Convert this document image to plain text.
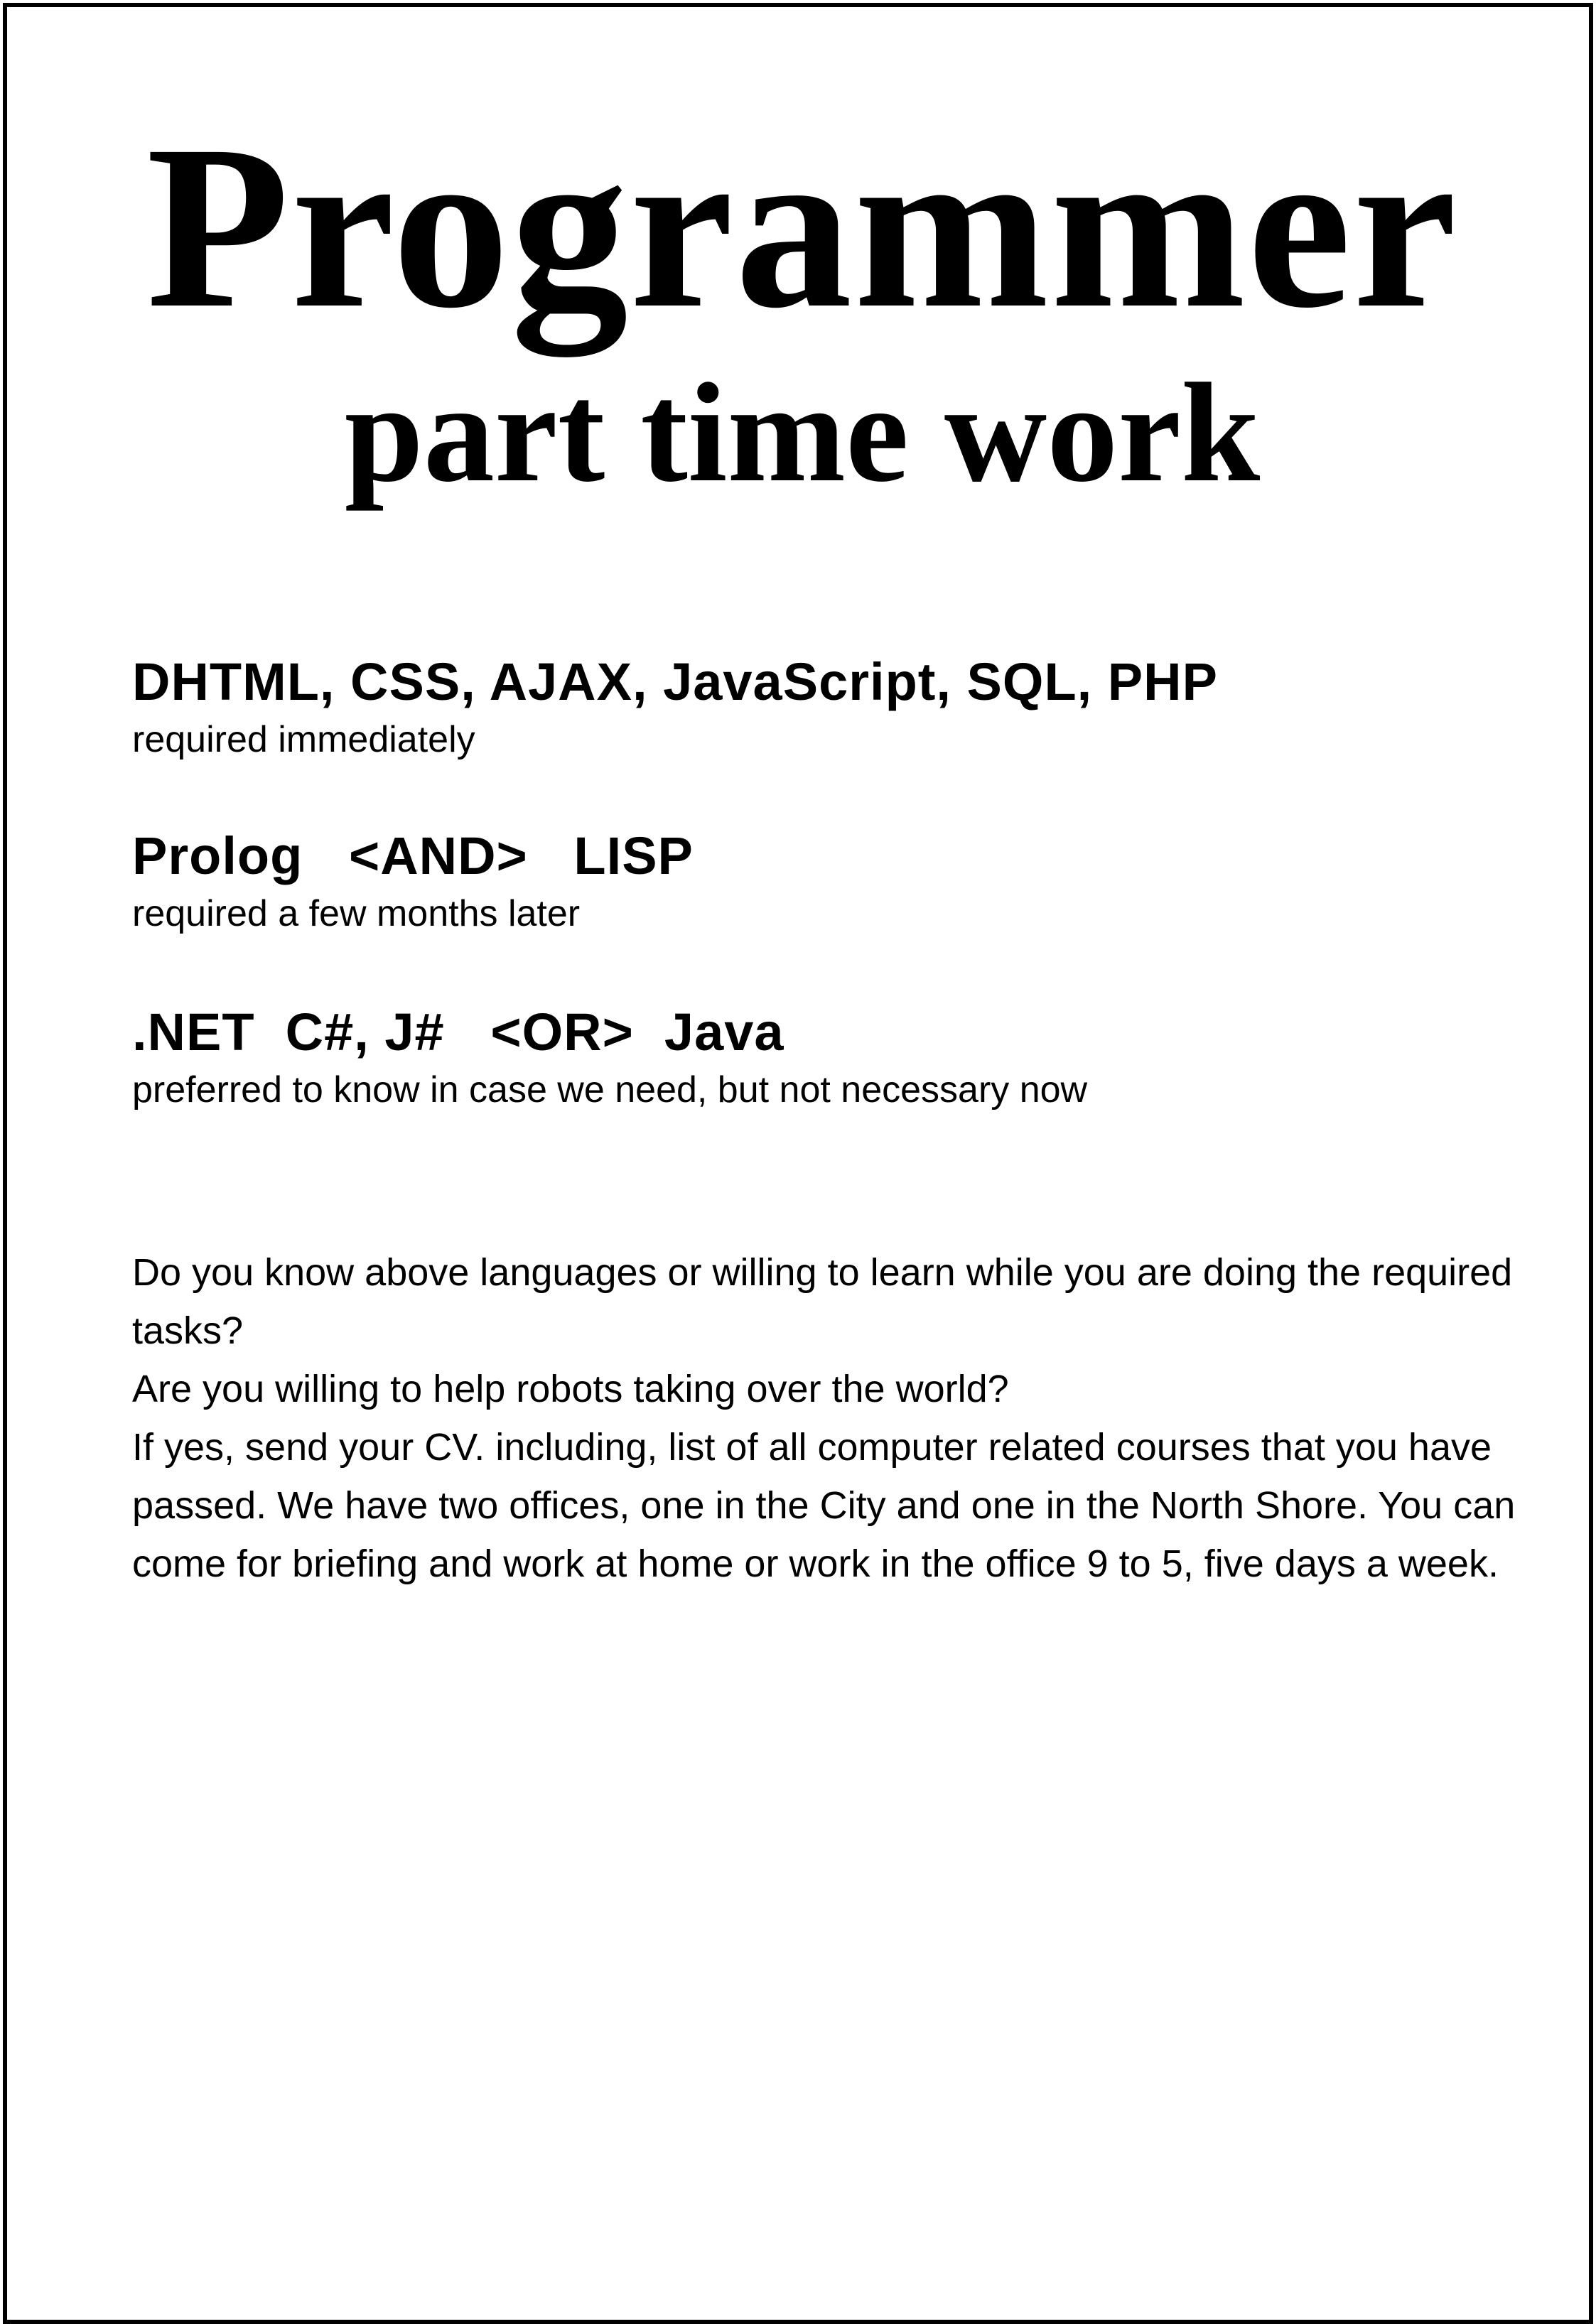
Programmer
part time work
DHTML, CSS, AJAX, JavaScript, SQL, PHP
required immediately
Prolog   <AND>   LISP
required a few months later
.NET  C#, J#   <OR>  Java
preferred to know in case we need, but not necessary now

Do you know above languages or willing to learn while you are doing the required tasks?

Are you willing to help robots taking over the world?

If yes, send your CV. including, list of all computer related courses that you have passed. We have two offices, one in the City and one in the North Shore. You can come for briefing and work at home or work in the office 9 to 5, five days a week.
